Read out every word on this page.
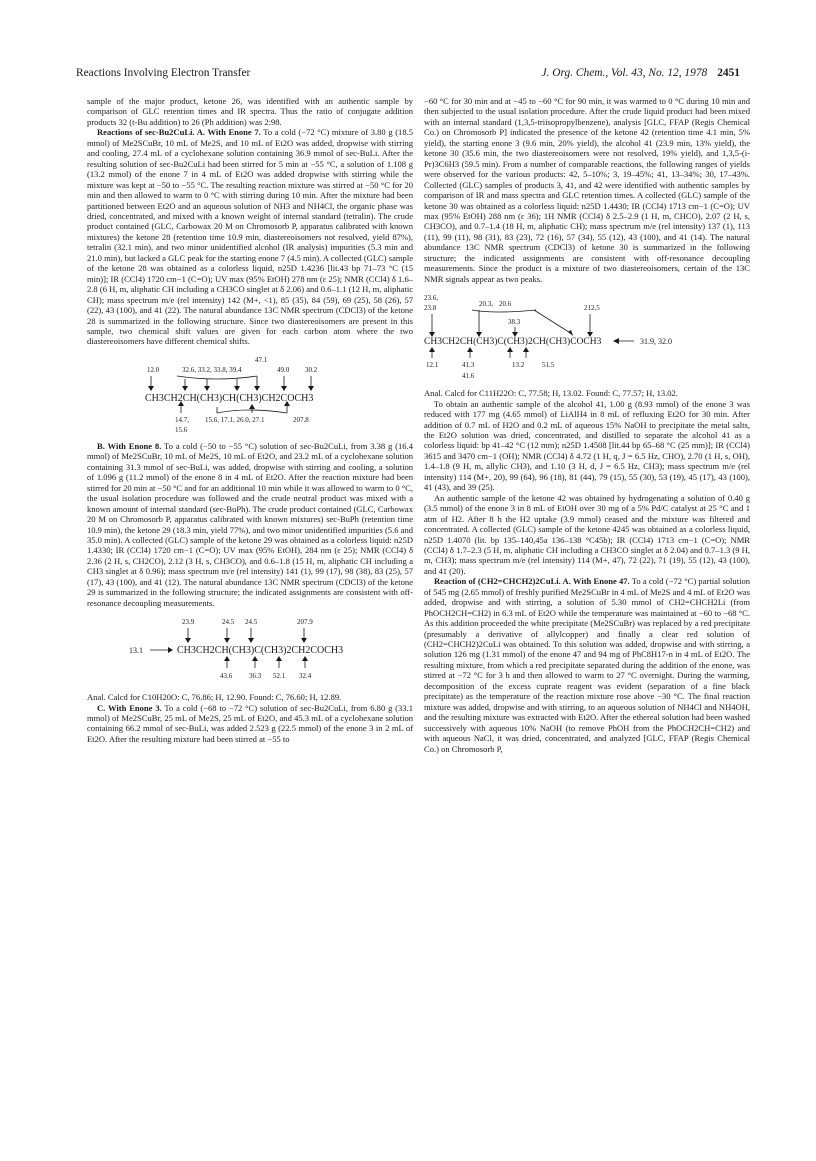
Reactions Involving Electron Transfer	J. Org. Chem., Vol. 43, No. 12, 1978 2451

sample of the major product, ketone 26, was identified with an authentic sample by comparison of GLC retention times and IR spectra. Thus the ratio of conjugate addition products 32 (t-Bu addition) to 26 (Ph addition) was 2:98.

Reactions of sec-Bu2CuLi. A. With Enone 7. To a cold (−72 °C) mixture of 3.80 g (18.5 mmol) of Me2SCuBr, 10 mL of Me2S, and 10 mL of Et2O was added, dropwise with stirring and cooling, 27.4 mL of a cyclohexane solution containing 36.9 mmol of sec-BuLi. After the resulting solution of sec-Bu2CuLi had been stirred for 5 min at −55 °C, a solution of 1.108 g (13.2 mmol) of the enone 7 in 4 mL of Et2O was added dropwise with stirring while the mixture was kept at −50 to −55 °C. The resulting reaction mixture was stirred at −50 °C for 20 min and then allowed to warm to 0 °C with stirring during 10 min. After the mixture had been partitioned between Et2O and an aqueous solution of NH3 and NH4Cl, the organic phase was dried, concentrated, and mixed with a known weight of internal standard (tetralin). The crude product contained (GLC, Carbowax 20 M on Chromosorb P, apparatus calibrated with known mixtures) the ketone 28 (retention time 10.9 min, diastereoisomers not resolved, yield 87%), tetralin (32.1 min), and two minor unidentified alcohol (IR analysis) impurities (5.3 min and 21.0 min), but lacked a GLC peak for the starting enone 7 (4.5 min). A collected (GLC) sample of the ketone 28 was obtained as a colorless liquid, n25D 1.4236 [lit.43 bp 71–73 °C (15 min)]; IR (CCl4) 1720 cm−1 (C=O); UV max (95% EtOH) 278 nm (ε 25); NMR (CCl4) δ 1.6–2.8 (6 H, m, aliphatic CH including a CH3CO singlet at δ 2.06) and 0.6–1.1 (12 H, m, aliphatic CH); mass spectrum m/e (rel intensity) 142 (M+, <1), 85 (35), 84 (59), 69 (25), 58 (26), 57 (22), 43 (100), and 41 (22). The natural abundance 13C NMR spectrum (CDCl3) of the ketone 28 is summarized in the following structure. Since two diastereoisomers are present in this sample, two chemical shift values are given for each carbon atom where the two diastereoisomers have different chemical shifts.

47.1
12.0	32.6, 33.2, 33.8, 39.4	49.0 30.2
CH3CH2CH(CH3)CH(CH3)CH2COCH3
14.7,
15.6
15.6, 17.1, 26.0, 27.1	207.8

B. With Enone 8. To a cold (−50 to −55 °C) solution of sec-Bu2CuLi, from 3.38 g (16.4 mmol) of Me2SCuBr, 10 mL of Me2S, 10 mL of Et2O, and 23.2 mL of a cyclohexane solution containing 31.3 mmol of sec-BuLi, was added, dropwise with stirring and cooling, a solution of 1.096 g (11.2 mmol) of the enone 8 in 4 mL of Et2O. After the reaction mixture had been stirred for 20 min at −50 °C and for an additional 10 min while it was allowed to warm to 0 °C, the usual isolation procedure was followed and the crude neutral product was mixed with a known amount of internal standard (sec-BuPh). The crude product contained (GLC, Carbowax 20 M on Chromosorb P, apparatus calibrated with known mixtures) sec-BuPh (retention time 10.9 min), the ketone 29 (18.3 min, yield 77%), and two minor unidentified impurities (5.6 and 35.0 min). A collected (GLC) sample of the ketone 29 was obtained as a colorless liquid: n25D 1.4330; IR (CCl4) 1720 cm−1 (C=O); UV max (95% EtOH), 284 nm (ε 25); NMR (CCl4) δ 2.36 (2 H, s, CH2CO), 2.12 (3 H, s, CH3CO), and 0.6–1.8 (15 H, m, aliphatic CH including a CH3 singlet at δ 0.96); mass spectrum m/e (rel intensity) 141 (1), 99 (17), 98 (38), 83 (25), 57 (17), 43 (100), and 41 (12). The natural abundance 13C NMR spectrum (CDCl3) of the ketone 29 is summarized in the following structure; the indicated assignments are consistent with off-resonance decoupling measurements.

23.9	24.5 24.5	207.9
13.1	CH3CH2CH(CH3)C(CH3)2CH2COCH3
43.6 36.3 52.1 32.4

Anal. Calcd for C10H20O: C, 76.86; H, 12.90. Found: C, 76.60; H, 12.89.

C. With Enone 3. To a cold (−68 to −72 °C) solution of sec-Bu2CuLi, from 6.80 g (33.1 mmol) of Me2SCuBr, 25 mL of Me2S, 25 mL of Et2O, and 45.3 mL of a cyclohexane solution containing 66.2 mmol of sec-BuLi, was added 2.523 g (22.5 mmol) of the enone 3 in 2 mL of Et2O. After the resulting mixture had been stirred at −55 to

−60 °C for 30 min and at −45 to −60 °C for 90 min, it was warmed to 0 °C during 10 min and then subjected to the usual isolation procedure. After the crude liquid product had been mixed with an internal standard (1,3,5-triisopropylbenzene), analysis [GLC, FFAP (Regis Chemical Co.) on Chromosorb P] indicated the presence of the ketone 42 (retention time 4.1 min, 5% yield), the starting enone 3 (9.6 min, 20% yield), the alcohol 41 (23.9 min, 13% yield), the ketone 30 (35.6 min, the two diastereoisomers were not resolved, 19% yield), and 1,3,5-(i-Pr)3C6H3 (59.5 min). From a number of comparable reactions, the following ranges of yields were observed for the various products: 42, 5–10%; 3, 19–45%; 41, 13–34%; 30, 17–43%. Collected (GLC) samples of products 3, 41, and 42 were identified with authentic samples by comparison of IR and mass spectra and GLC retention times. A collected (GLC) sample of the ketone 30 was obtained as a colorless liquid: n25D 1.4430; IR (CCl4) 1713 cm−1 (C=O); UV max (95% EtOH) 288 nm (ε 36); 1H NMR (CCl4) δ 2.5–2.9 (1 H, m, CHCO), 2.07 (2 H, s, CH3CO), and 0.7–1.4 (18 H, m, aliphatic CH); mass spectrum m/e (rel intensity) 137 (1), 113 (11), 99 (11), 98 (31), 83 (23), 72 (16), 57 (34), 55 (12), 43 (100), and 41 (14). The natural abundance 13C NMR spectrum (CDCl3) of ketone 30 is summarized in the following structure; the indicated assignments are consistent with off-resonance decoupling measurements. Since the product is a mixture of two diastereoisomers, certain of the 13C NMR signals appear as two peaks.

23.6,
23.8	20.3, 20.6
38.3
212.5
CH3CH2CH(CH3)C(CH3)2CH(CH3)COCH3	31.9, 32.0
12.1	41.3
41.6
13.2	51.5

Anal. Calcd for C11H22O: C, 77.58; H, 13.02. Found: C, 77.57; H, 13.02.

To obtain an authentic sample of the alcohol 41, 1.00 g (8.93 mmol) of the enone 3 was reduced with 177 mg (4.65 mmol) of LiAlH4 in 8 mL of refluxing Et2O for 30 min. After addition of 0.7 mL of H2O and 0.2 mL of aqueous 15% NaOH to precipitate the metal salts, the Et2O solution was dried, concentrated, and distilled to separate the alcohol 41 as a colorless liquid: bp 41–42 °C (12 mm); n25D 1.4508 [lit.44 bp 65–68 °C (25 mm)]; IR (CCl4) 3615 and 3470 cm−1 (OH); NMR (CCl4) δ 4.72 (1 H, q, J = 6.5 Hz, CHO), 2.70 (1 H, s, OH), 1.4–1.8 (9 H, m, allylic CH3), and 1.10 (3 H, d, J = 6.5 Hz, CH3); mass spectrum m/e (rel intensity) 114 (M+, 20), 99 (64), 96 (18), 81 (44), 79 (15), 55 (30), 53 (19), 45 (17), 43 (100), 41 (43), and 39 (25).

An authentic sample of the ketone 42 was obtained by hydrogenating a solution of 0.40 g (3.5 mmol) of the enone 3 in 8 mL of EtOH over 30 mg of a 5% Pd/C catalyst at 25 °C and 1 atm of H2. After 8 h the H2 uptake (3.9 mmol) ceased and the mixture was filtered and concentrated. A collected (GLC) sample of the ketone 4245 was obtained as a colorless liquid, n25D 1.4070 (lit. bp 135–140,45a 136–138 °C45b); IR (CCl4) 1713 cm−1 (C=O); NMR (CCl4) δ 1.7–2.3 (5 H, m, aliphatic CH including a CH3CO singlet at δ 2.04) and 0.7–1.3 (9 H, m, CH3); mass spectrum m/e (rel intensity) 114 (M+, 47), 72 (22), 71 (19), 55 (12), 43 (100), and 41 (20).

Reaction of (CH2=CHCH2)2CuLi. A. With Enone 47. To a cold (−72 °C) partial solution of 545 mg (2.65 mmol) of freshly purified Me2SCuBr in 4 mL of Me2S and 4 mL of Et2O was added, dropwise and with stirring, a solution of 5.30 mmol of CH2=CHCH2Li (from PhOCH2CH=CH2) in 6.3 mL of Et2O while the temperature was maintained at −60 to −68 °C. As this addition proceeded the white precipitate (Me2SCuBr) was replaced by a red precipitate (presumably a derivative of allylcopper) and finally a clear red solution of (CH2=CHCH2)2CuLi was obtained. To this solution was added, dropwise and with stirring, a solution 126 mg (1.31 mmol) of the enone 47 and 94 mg of PhC8H17-n in 4 mL of Et2O. The resulting mixture, from which a red precipitate separated during the addition of the enone, was stirred at −72 °C for 3 h and then allowed to warm to 27 °C overnight. During the warming, decomposition of the excess cuprate reagent was evident (separation of a fine black precipitate) as the temperature of the reaction mixture rose above −30 °C. The final reaction mixture was added, dropwise and with stirring, to an aqueous solution of NH4Cl and NH4OH, and the resulting mixture was extracted with Et2O. After the ethereal solution had been washed successively with aqueous 10% NaOH (to remove PhOH from the PhOCH2CH=CH2) and with aqueous NaCl, it was dried, concentrated, and analyzed [GLC, FFAP (Regis Chemical Co.) on Chromosorb P,
